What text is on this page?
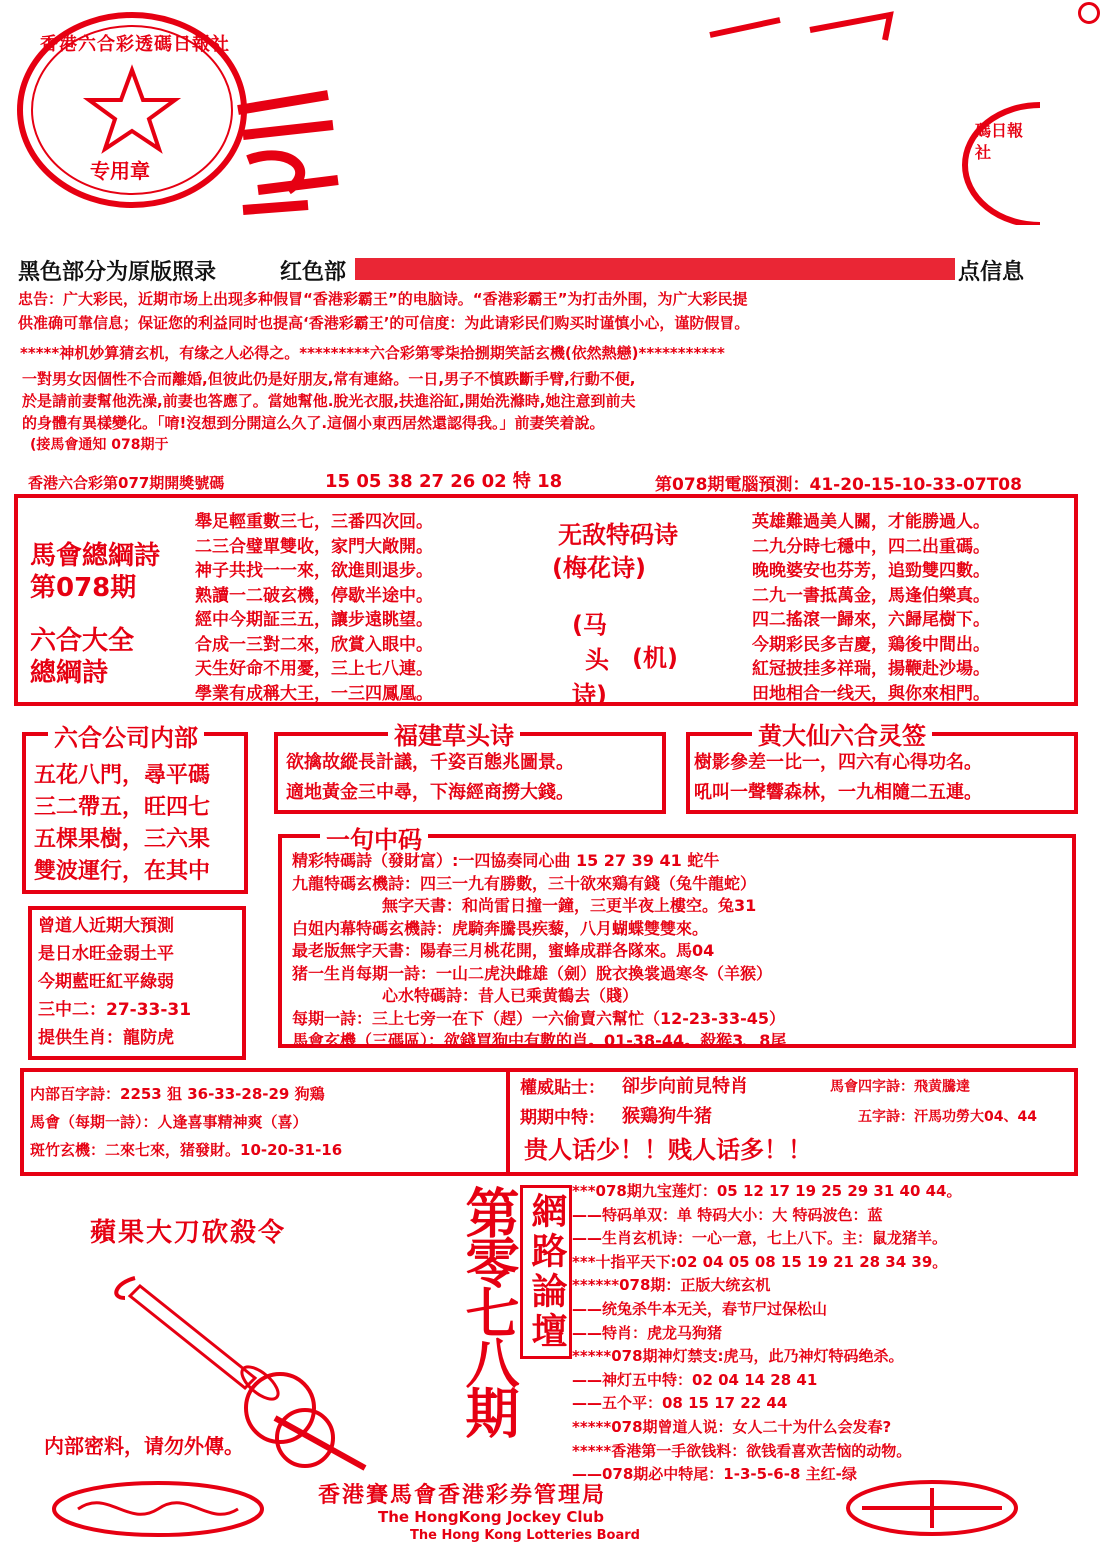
香港六合彩透碼日報社
专用章
碼日報社
黑色部分为原版照录	红色部	点信息
忠告：广大彩民，近期市场上出现多种假冒“香港彩霸王”的电脑诗。“香港彩霸王”为打击外围，为广大彩民提
供准确可靠信息；保证您的利益同时也提高‘香港彩霸王’的可信度：为此请彩民们购买时谨慎小心，谨防假冒。
*****神机妙算猜玄机，有缘之人必得之。*********六合彩第零柒拾捌期笑話玄機(依然熱戀)***********
一對男女因個性不合而離婚,但彼此仍是好朋友,常有連絡。一日,男子不慎跌斷手臂,行動不便,
於是請前妻幫他洗澡,前妻也答應了。當她幫他.脫光衣服,扶進浴缸,開始洗滌時,她注意到前夫
的身體有異樣變化。「唷!沒想到分開這么久了.這個小東西居然還認得我。」前妻笑着說。
(接馬會通知 078期于
香港六合彩第077期開獎號碼	15 05 38 27 26 02 特 18	第078期電腦預測：41-20-15-10-33-07T08
馬會總綱詩
第078期
六合大全
總綱詩
舉足輕重數三七，三番四次回。
二三合璧單雙收，家門大敞開。
神子共找一一來，欲進則退步。
熟讀一二破玄機，停歇半途中。
經中今期証三五，讓步遠眺望。
合成一三對二來，欣賞入眼中。
天生好命不用憂，三上七八連。
學業有成稱大王，一三四鳳凰。
无敌特码诗
(梅花诗)
(马
头
诗)
(机)
英雄難過美人關，才能勝過人。
二九分時七穩中，四二出重碼。
晚晚婆安也芬芳，追勁雙四數。
二九一書抵萬金，馬逢伯樂真。
四二搖滾一歸來，六歸尾樹下。
今期彩民多吉慶，鶏後中間出。
紅冠披挂多祥瑞，揚鞭赴沙場。
田地相合一线天，與你來相門。
六合公司内部
五花八門，尋平碼
三二帶五，旺四七
五棵果樹，三六果
雙波運行，在其中
福建草头诗
欲擒故縱長計議，千姿百態兆圖景。
適地黃金三中尋，下海經商撈大錢。
黄大仙六合灵签
樹影參差一比一，四六有心得功名。
吼叫一聲響森林，一九相隨二五連。
一句中码
精彩特碼詩（發財富）:一四協奏同心曲 15 27 39 41 蛇牛
九龍特碼玄機詩：四三一九有勝數，三十欲來鶏有錢（兔牛龍蛇）
無字天書：和尚雷日撞一鐘，三更半夜上樓空。兔31
白姐内幕特碼玄機詩：虎騎奔騰畏疾藜，八月蝴蝶雙雙來。
最老版無字天書：陽春三月桃花開，蜜蜂成群各隊來。馬04
猪一生肖每期一詩：一山二虎決雌雄（劍）脫衣換裳過寒冬（羊猴）
心水特碼詩：昔人已乘黄鶴去（賤）
每期一詩：三上七旁一在下（趕）一六偷賣六幫忙（12-23-33-45）
馬會玄機（三碼區）：欲錢買狗中有數的肖。01-38-44。殺猴3、8尾
曾道人近期大預測
是日水旺金弱土平
今期藍旺紅平綠弱
三中二：27-33-31
提供生肖：龍防虎
内部百字詩：2253 狙 36-33-28-29 狗鶏
馬會（每期一詩）：人逢喜事精神爽（喜）
斑竹玄機：二來七來，猪發財。10-20-31-16
權威貼士： 卻步向前見特肖	馬會四字詩：飛黄騰達
期期中特： 猴鶏狗牛猪	五字詩：汗馬功勞大04、44
贵人话少！！贱人话多！！
蘋果大刀砍殺令
内部密料，请勿外傳。
第零七八期 網路論壇
***078期九宝莲灯：05 12 17 19 25 29 31 40 44。
——特码单双：单 特码大小：大 特码波色：蓝
——生肖玄机诗：一心一意，七上八下。主：鼠龙猪羊。
***十指平天下:02 04 05 08 15 19 21 28 34 39。
******078期：正版大统玄机
——统兔杀牛本无关，春节尸过保松山
——特肖：虎龙马狗猪
*****078期神灯禁支:虎马，此乃神灯特码绝杀。
——神灯五中特：02 04 14 28 41
——五个平：08 15 17 22 44
*****078期曾道人说：女人二十为什么会发春?
*****香港第一手欲钱料：欲钱看喜欢苦恼的动物。
——078期必中特尾：1-3-5-6-8 主红-绿
香港賽馬會香港彩券管理局
The HongKong Jockey Club
The Hong Kong Lotteries Board
